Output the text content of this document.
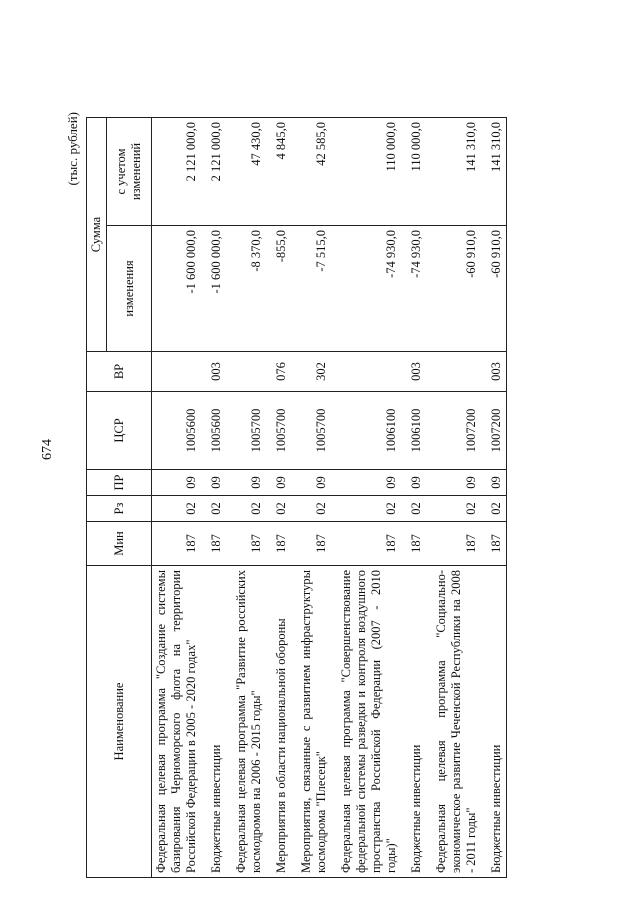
674
(тыс. рублей)
Наименование	Мин	Рз	ПР	ЦСР	ВР	Сумма	
						изменения	с учетом изменений
Федеральная целевая программа "Создание системы базирования Черноморского флота на территории Российской Федерации в 2005 - 2020 годах"	187	02	09	1005600		-1 600 000,0	2 121 000,0
Бюджетные инвестиции	187	02	09	1005600	003	-1 600 000,0	2 121 000,0
Федеральная целевая программа "Развитие российских космодромов на 2006 - 2015 годы"	187	02	09	1005700		-8 370,0	47 430,0
Мероприятия в области национальной обороны	187	02	09	1005700	076	-855,0	4 845,0
Мероприятия, связанные с развитием инфраструктуры космодрома "Плесецк"	187	02	09	1005700	302	-7 515,0	42 585,0
Федеральная целевая программа "Совершенствование федеральной системы разведки и контроля воздушного пространства Российской Федерации (2007 - 2010 годы)"	187	02	09	1006100		-74 930,0	110 000,0
Бюджетные инвестиции	187	02	09	1006100	003	-74 930,0	110 000,0
Федеральная целевая программа "Социально-экономическое развитие Чеченской Республики на 2008 - 2011 годы"	187	02	09	1007200		-60 910,0	141 310,0
Бюджетные инвестиции	187	02	09	1007200	003	-60 910,0	141 310,0
